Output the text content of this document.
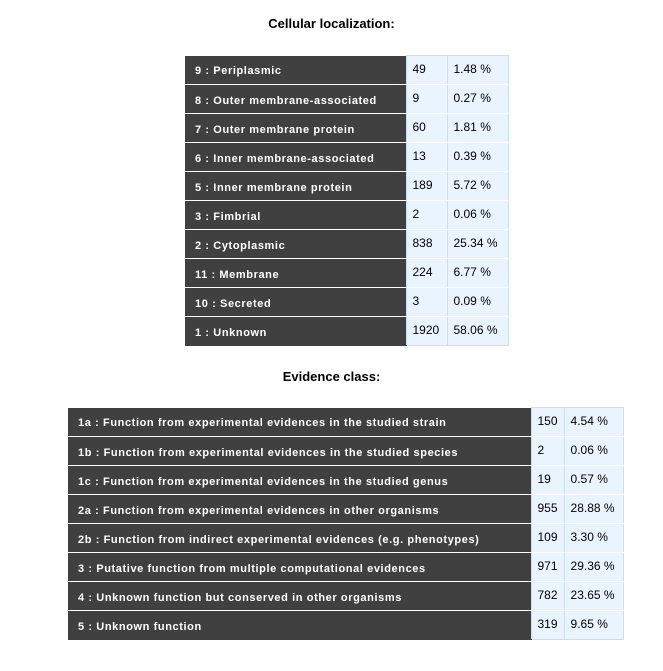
Cellular localization:
9 : Periplasmic	49	1.48 %
8 : Outer membrane-associated	9	0.27 %
7 : Outer membrane protein	60	1.81 %
6 : Inner membrane-associated	13	0.39 %
5 : Inner membrane protein	189	5.72 %
3 : Fimbrial	2	0.06 %
2 : Cytoplasmic	838	25.34 %
11 : Membrane	224	6.77 %
10 : Secreted	3	0.09 %
1 : Unknown	1920	58.06 %
Evidence class:
1a : Function from experimental evidences in the studied strain	150	4.54 %
1b : Function from experimental evidences in the studied species	2	0.06 %
1c : Function from experimental evidences in the studied genus	19	0.57 %
2a : Function from experimental evidences in other organisms	955	28.88 %
2b : Function from indirect experimental evidences (e.g. phenotypes)	109	3.30 %
3 : Putative function from multiple computational evidences	971	29.36 %
4 : Unknown function but conserved in other organisms	782	23.65 %
5 : Unknown function	319	9.65 %
